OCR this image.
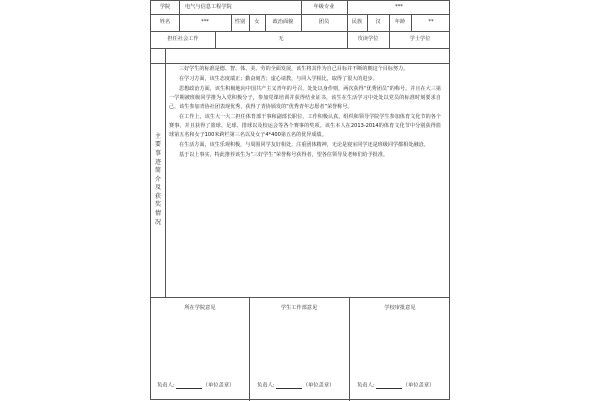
学院	电气与信息工程学院	年级专业	***
姓名	***	性别	女	政治面貌	团员	民族	汉	年龄	**
担任社会工作	无	攻读学位	学士学位
主
要
事
迹
简
介
及
获
奖
情
况

三好学生的标准是德、智、体、美、劳的全面发展，该生将其作为自己目标并不断的朝这个目标努力。

在学习方面，该生态度端正；勤奋刻苦；虚心请教，与同入学相比，取得了很大的进步。

思想政治方面，该生积极地向中国共产主义青年的号召，处处以身作则，两次获得“优秀团员”的称号，并且在大三第一学期被班级同学推为入党积极分子，参加党课培训并获得结业证书，该生在生活学习中处处以党员的标准时刻要求自己，该生参加青协社团表现优秀，获得了青协颁发的“优秀青年志愿者”荣誉称号。

在工作上，该生大一大二担任体育部干事和副部长职位，工作积极认真，组织和领导学院学生参加体育文化节的各个赛事，并且获得了篮球、足球、排球以及校运会等各个赛事的奖项。该生本人在2013-2014的体育文化节中分别获得篮球第五名和女子100米跨栏第三名以及女子4*400第五名的优异成绩。

在生活方面，该生乐观积极，与周围同学友好相处，注重团体精神，无论是寝室同学还是班级同学都相处融洽。

基于以上事实，特此推荐该生为“三好学生”荣誉称号获得者，望各位领导及老师们给予批准。

所在学院意见	学生工作部意见	学校审批意见
负责人:	（单位盖章）	负责人:	（单位盖章）	负责人:	（单位盖章）
